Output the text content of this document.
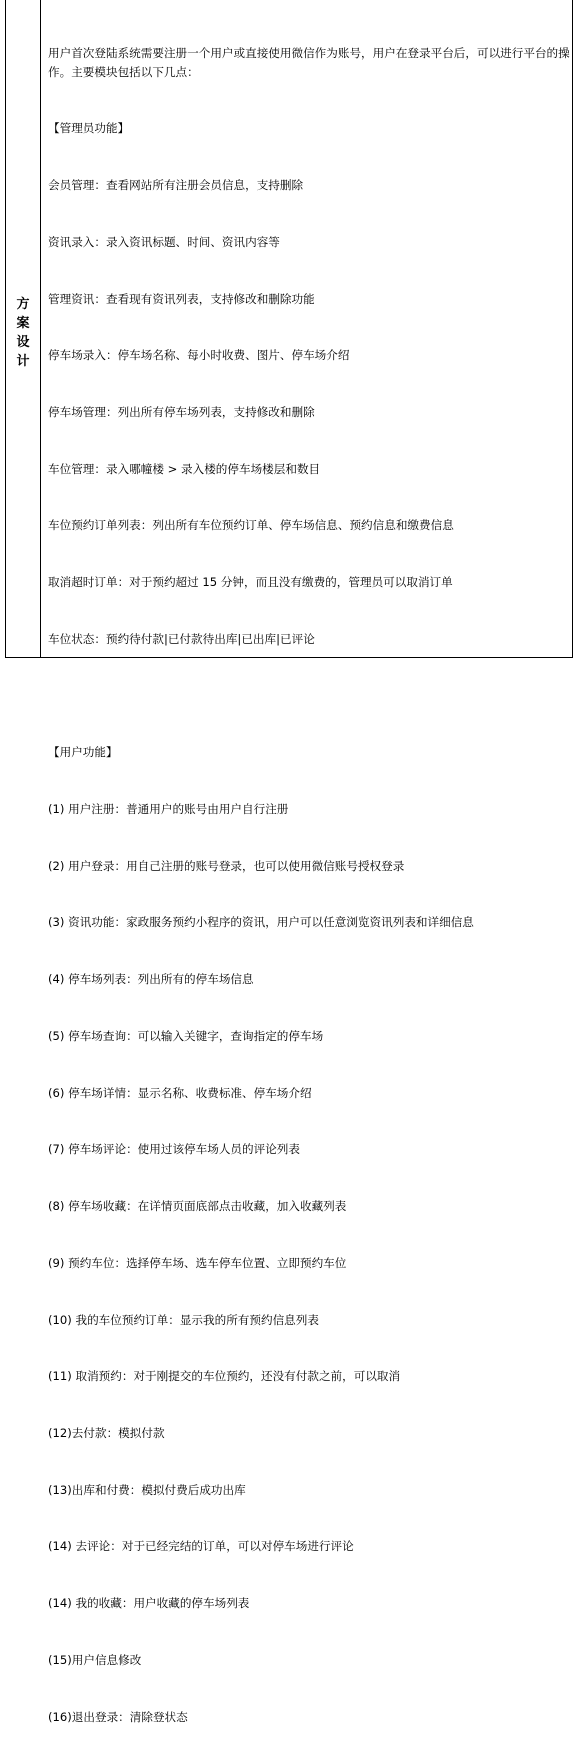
方案设计

用户首次登陆系统需要注册一个用户或直接使用微信作为账号，用户在登录平台后，可以进行平台的操作。主要模块包括以下几点：

【管理员功能】

会员管理：查看网站所有注册会员信息，支持删除

资讯录入：录入资讯标题、时间、资讯内容等

管理资讯：查看现有资讯列表，支持修改和删除功能

停车场录入：停车场名称、每小时收费、图片、停车场介绍

停车场管理：列出所有停车场列表，支持修改和删除

车位管理：录入哪幢楼 > 录入楼的停车场楼层和数目

车位预约订单列表：列出所有车位预约订单、停车场信息、预约信息和缴费信息

取消超时订单：对于预约超过 15 分钟，而且没有缴费的，管理员可以取消订单

车位状态：预约待付款|已付款待出库|已出库|已评论

【用户功能】

(1) 用户注册：普通用户的账号由用户自行注册

(2) 用户登录：用自己注册的账号登录，也可以使用微信账号授权登录

(3) 资讯功能：家政服务预约小程序的资讯，用户可以任意浏览资讯列表和详细信息

(4) 停车场列表：列出所有的停车场信息

(5) 停车场查询：可以输入关键字，查询指定的停车场

(6) 停车场详情：显示名称、收费标准、停车场介绍

(7) 停车场评论：使用过该停车场人员的评论列表

(8) 停车场收藏：在详情页面底部点击收藏，加入收藏列表

(9) 预约车位：选择停车场、选车停车位置、立即预约车位

(10) 我的车位预约订单：显示我的所有预约信息列表

(11) 取消预约：对于刚提交的车位预约，还没有付款之前，可以取消

(12)去付款：模拟付款

(13)出库和付费：模拟付费后成功出库

(14) 去评论：对于已经完结的订单，可以对停车场进行评论

(14) 我的收藏：用户收藏的停车场列表

(15)用户信息修改

(16)退出登录：清除登状态
